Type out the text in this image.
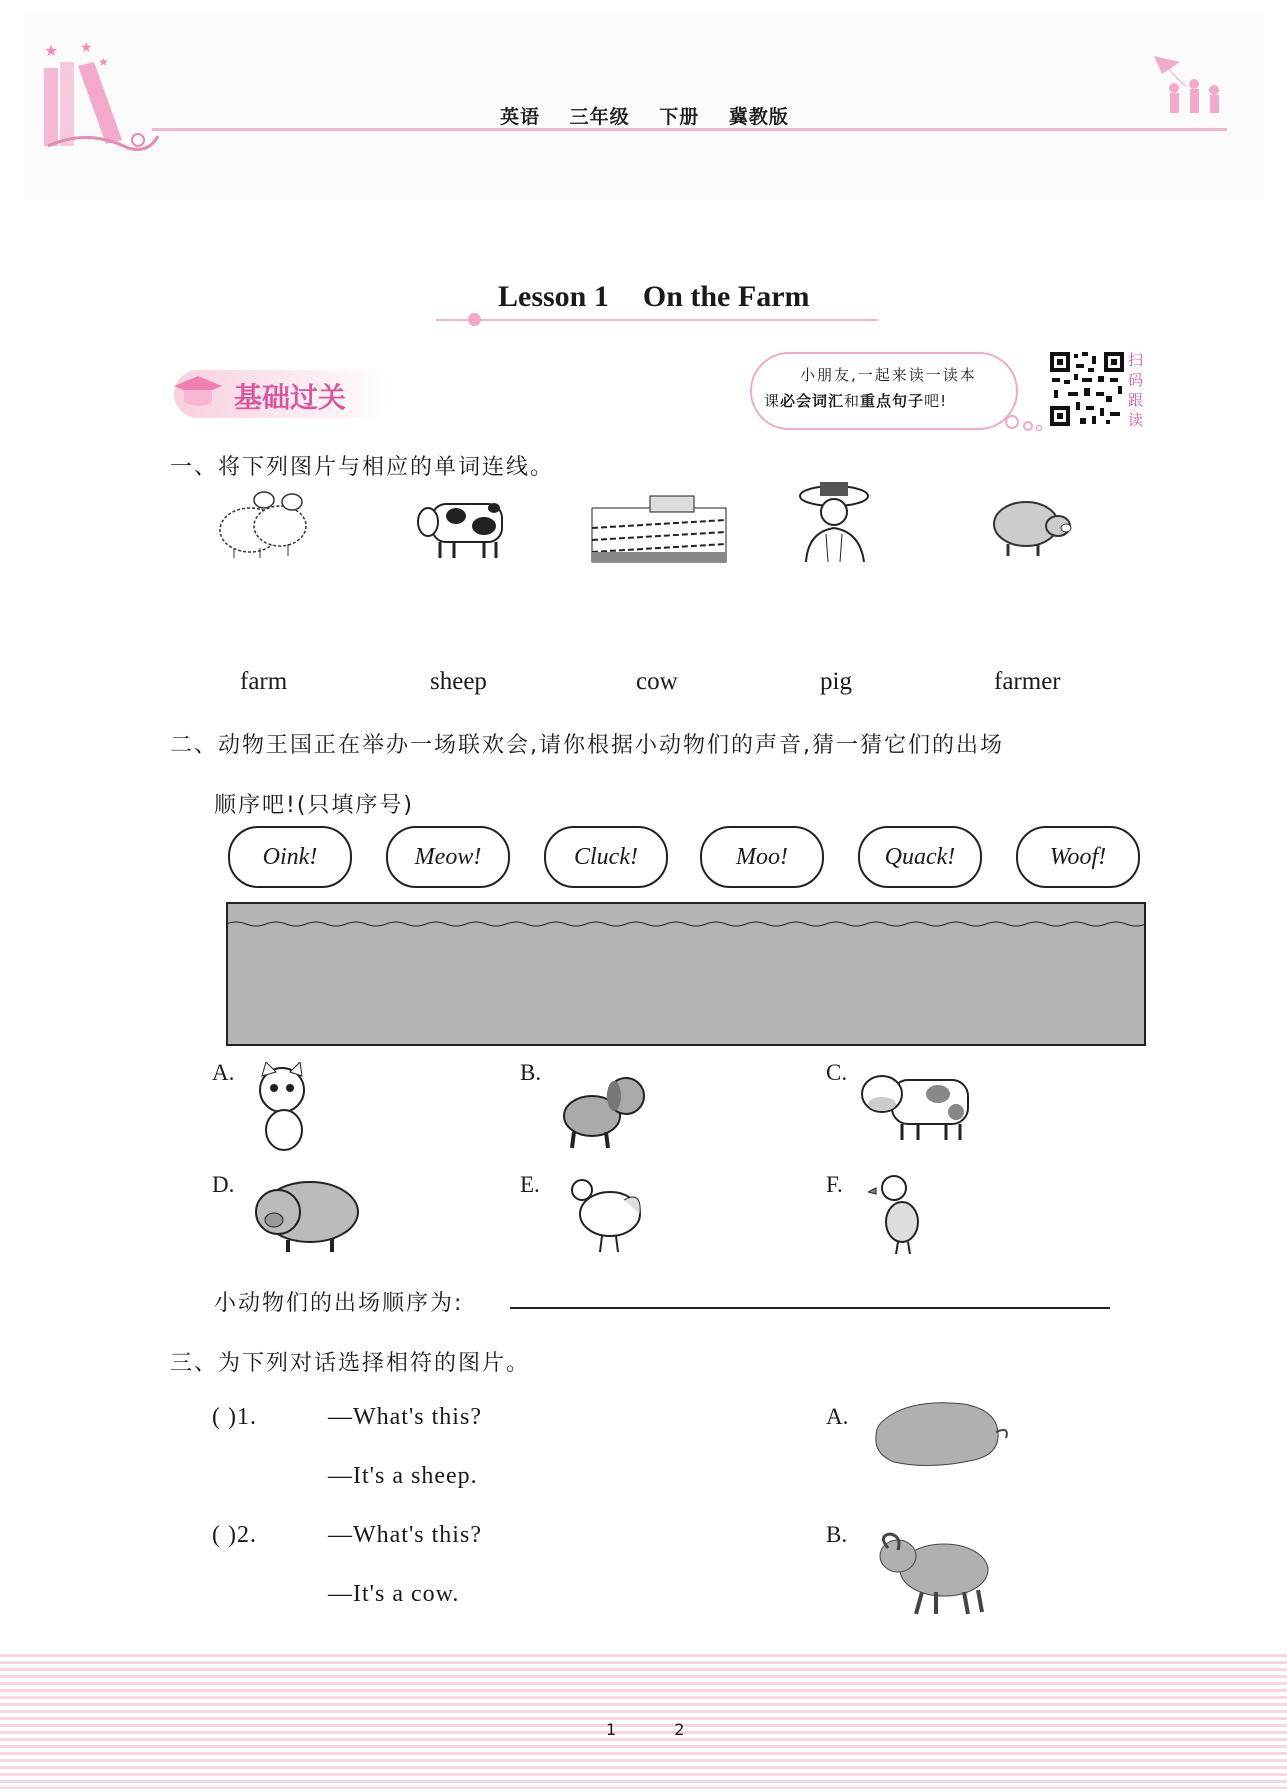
★ ★
★
英语 三年级 下册 冀教版
Lesson 1 On the Farm
基础过关
小朋友,一起来读一读本
课必会词汇和重点句子吧!
扫
码
跟
读
一、将下列图片与相应的单词连线。
farm	sheep	cow	pig	farmer
二、动物王国正在举办一场联欢会,请你根据小动物们的声音,猜一猜它们的出场
顺序吧!(只填序号)
Oink!	Meow!	Cluck!	Moo!	Quack!	Woof!
A.	B.	C.
D.	E.	F.
小动物们的出场顺序为:
三、为下列对话选择相符的图片。
( )1.	—What's this?
—It's a sheep.
( )2.	—What's this?
—It's a cow.
A.
B.
1	2
